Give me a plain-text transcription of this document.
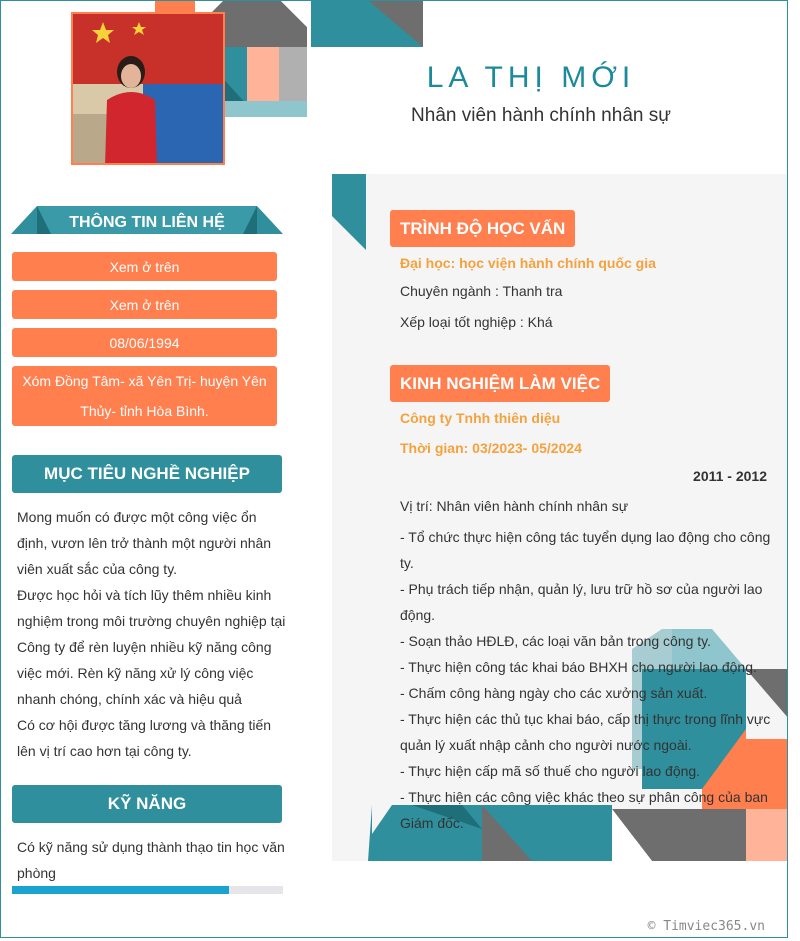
LA THỊ MỚI
Nhân viên hành chính nhân sự
THÔNG TIN LIÊN HỆ
Xem ở trên
Xem ở trên
08/06/1994
Xóm Đồng Tâm- xã Yên Trị- huyện Yên Thủy- tỉnh Hòa Bình.
MỤC TIÊU NGHỀ NGHIỆP
Mong muốn có được một công việc ổn định, vươn lên trở thành một người nhân viên xuất sắc của công ty.
Được học hỏi và tích lũy thêm nhiều kinh nghiệm trong môi trường chuyên nghiệp tại Công ty để rèn luyện nhiều kỹ năng công việc mới. Rèn kỹ năng xử lý công việc nhanh chóng, chính xác và hiệu quả
Có cơ hội được tăng lương và thăng tiến lên vị trí cao hơn tại công ty.
KỸ NĂNG
Có kỹ năng sử dụng thành thạo tin học văn phòng
TRÌNH ĐỘ HỌC VẤN
Đại học: học viện hành chính quốc gia
Chuyên ngành : Thanh tra
Xếp loại tốt nghiệp : Khá
KINH NGHIỆM LÀM VIỆC
Công ty Tnhh thiên diệu
Thời gian: 03/2023- 05/2024
2011 - 2012
Vị trí: Nhân viên hành chính nhân sự
- Tổ chức thực hiện công tác tuyển dụng lao động cho công ty.
- Phụ trách tiếp nhận, quản lý, lưu trữ hồ sơ của người lao động.
- Soạn thảo HĐLĐ, các loại văn bản trong công ty.
- Thực hiện công tác khai báo BHXH cho người lao động.
- Chấm công hàng ngày cho các xưởng sản xuất.
- Thực hiện các thủ tục khai báo, cấp thị thực trong lĩnh vực quản lý xuất nhập cảnh cho người nước ngoài.
- Thực hiện cấp mã số thuế cho người lao động.
- Thực hiện các công việc khác theo sự phân công của ban Giám đốc.
© Timviec365.vn
